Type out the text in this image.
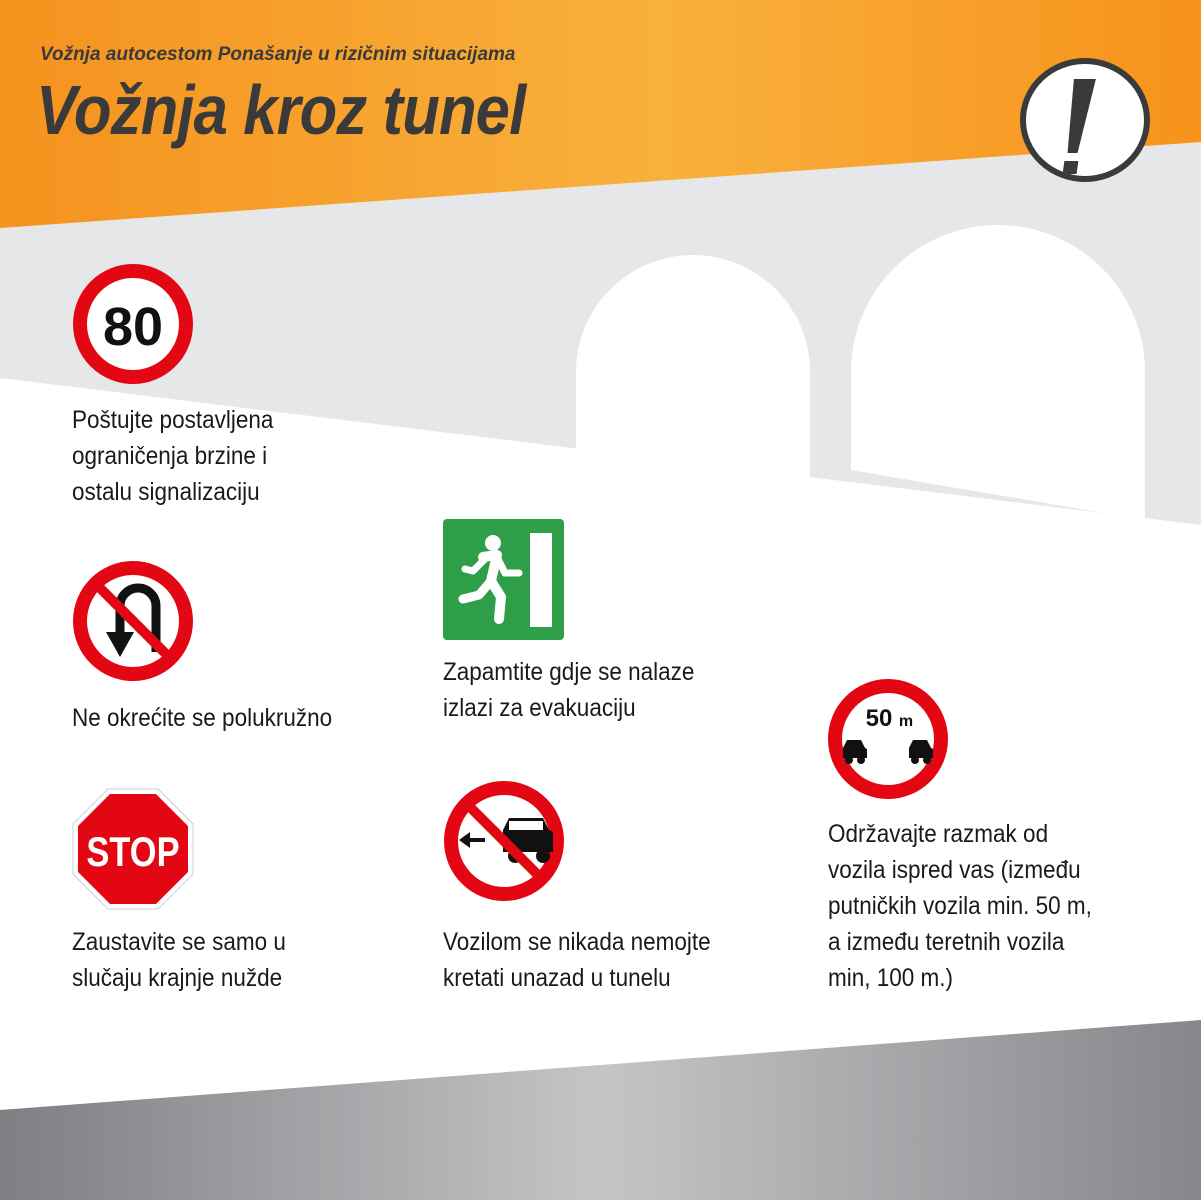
Vožnja autocestom Ponašanje u rizičnim situacijama
Vožnja kroz tunel
80
Poštujte postavljena
ograničenja brzine i
ostalu signalizaciju
Ne okrećite se polukružno
STOP
Zaustavite se samo u
slučaju krajnje nužde
Zapamtite gdje se nalaze
izlazi za evakuaciju
Vozilom se nikada nemojte
kretati unazad u tunelu
50 m
Održavajte razmak od
vozila ispred vas (između
putničkih vozila min. 50 m,
a između teretnih vozila
min, 100 m.)
